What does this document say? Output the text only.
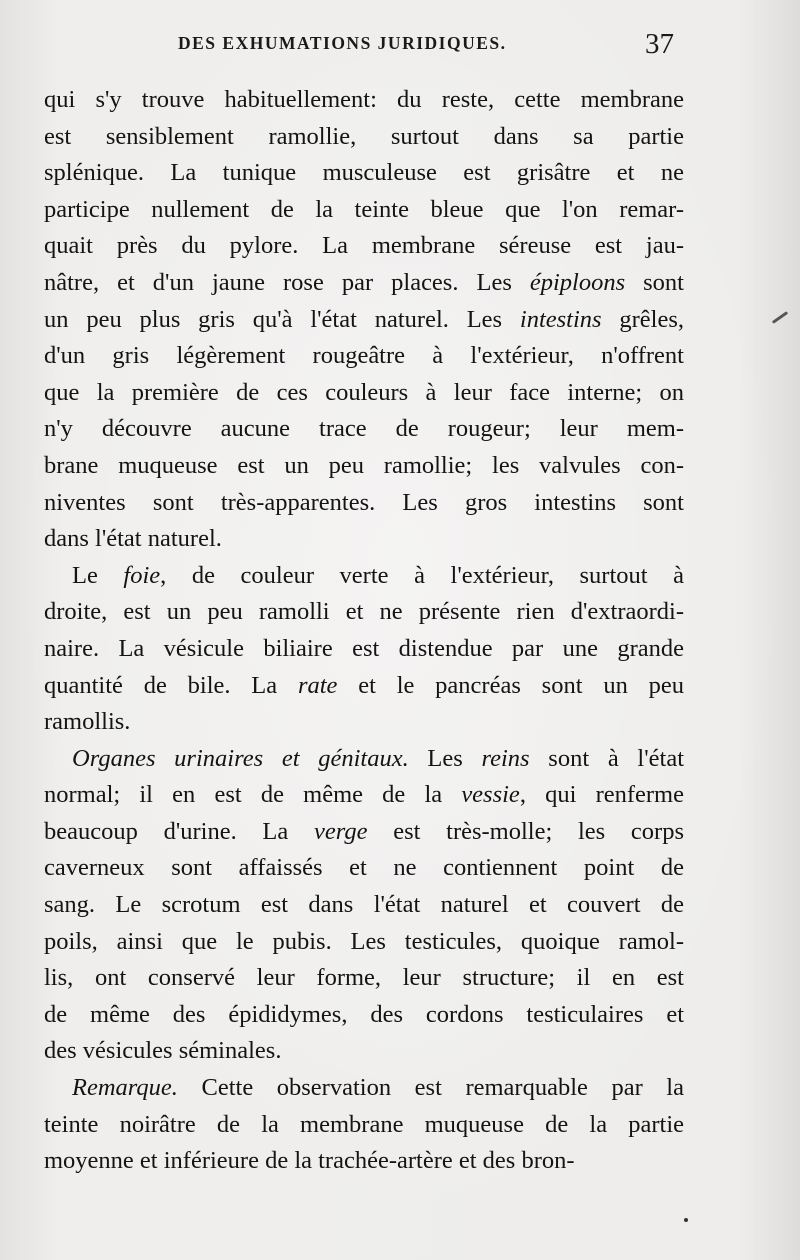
DES EXHUMATIONS JURIDIQUES.	37
qui s'y trouve habituellement: du reste, cette membrane
est sensiblement ramollie, surtout dans sa partie
splénique. La tunique musculeuse est grisâtre et ne
participe nullement de la teinte bleue que l'on remar-
quait près du pylore. La membrane séreuse est jau-
nâtre, et d'un jaune rose par places. Les épiploons sont
un peu plus gris qu'à l'état naturel. Les intestins grêles,
d'un gris légèrement rougeâtre à l'extérieur, n'offrent
que la première de ces couleurs à leur face interne; on
n'y découvre aucune trace de rougeur; leur mem-
brane muqueuse est un peu ramollie; les valvules con-
niventes sont très-apparentes. Les gros intestins sont
dans l'état naturel.
Le foie, de couleur verte à l'extérieur, surtout à
droite, est un peu ramolli et ne présente rien d'extraordi-
naire. La vésicule biliaire est distendue par une grande
quantité de bile. La rate et le pancréas sont un peu
ramollis.
Organes urinaires et génitaux. Les reins sont à l'état
normal; il en est de même de la vessie, qui renferme
beaucoup d'urine. La verge est très-molle; les corps
caverneux sont affaissés et ne contiennent point de
sang. Le scrotum est dans l'état naturel et couvert de
poils, ainsi que le pubis. Les testicules, quoique ramol-
lis, ont conservé leur forme, leur structure; il en est
de même des épididymes, des cordons testiculaires et
des vésicules séminales.
Remarque. Cette observation est remarquable par la
teinte noirâtre de la membrane muqueuse de la partie
moyenne et inférieure de la trachée-artère et des bron-
